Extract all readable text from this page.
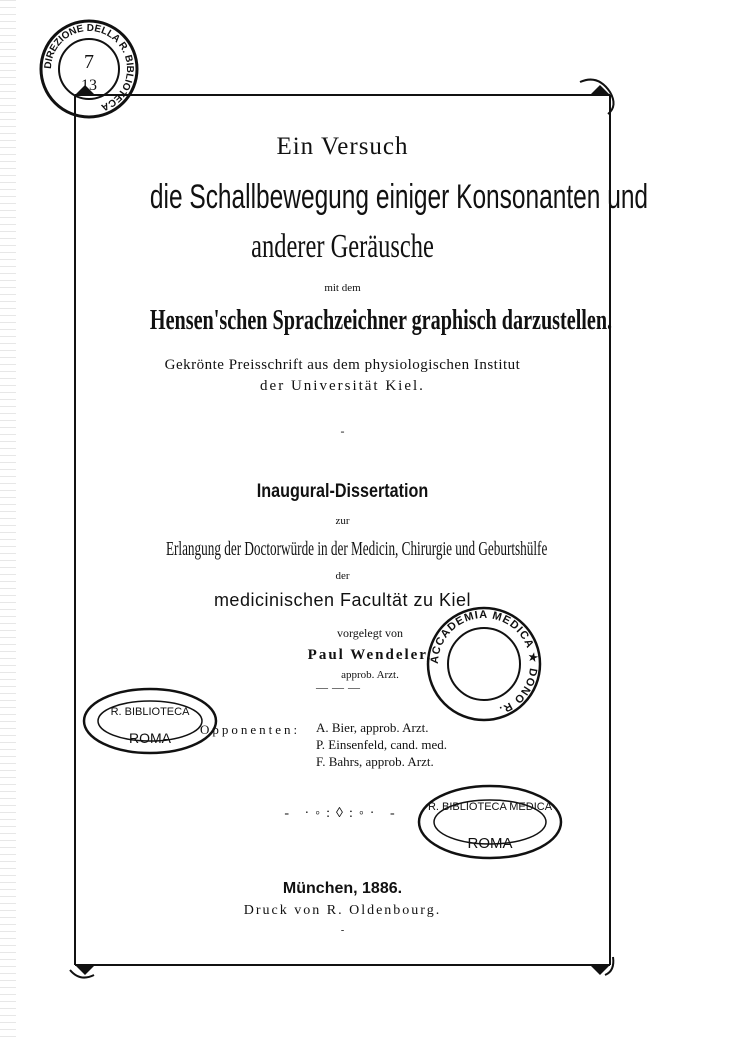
Ein Versuch
die Schallbewegung einiger Konsonanten und
anderer Geräusche
mit dem
Hensen'schen Sprachzeichner graphisch darzustellen.
Gekrönte Preisschrift aus dem physiologischen Institut
der Universität Kiel.
-
Inaugural-Dissertation
zur
Erlangung der Doctorwürde in der Medicin, Chirurgie und Geburtshülfe
der
medicinischen Facultät zu Kiel
vorgelegt von
Paul Wendeler,
approb. Arzt.
———
Opponenten: A. Bier, approb. Arzt.
P. Einsenfeld, cand. med.
F. Bahrs, approb. Arzt.
- ·◦:◊:◦· -
München, 1886.
Druck von R. Oldenbourg.
-
DIREZIONE DELLA R. BIBLIOTECA
7
13
ACCADEMIA MEDICA ★ DONO R.
R. BIBLIOTECA
ROMA
R. BIBLIOTECA MEDICA
ROMA
